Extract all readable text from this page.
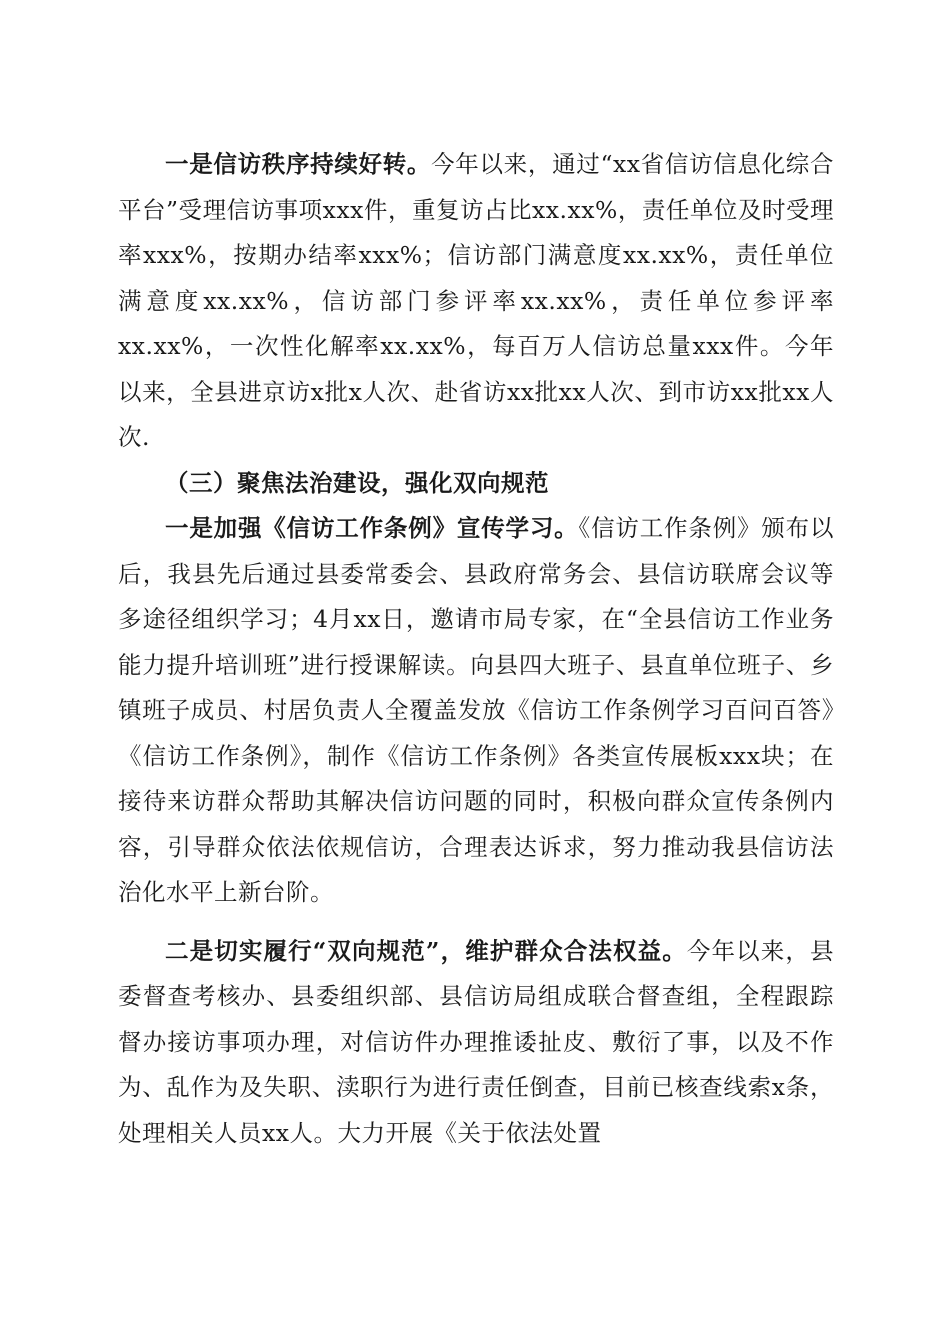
一是信访秩序持续好转。今年以来，通过“xx省信访信息化综合平台”受理信访事项xxx件，重复访占比xx.xx%，责任单位及时受理率xxx%，按期办结率xxx%；信访部门满意度xx.xx%，责任单位满意度xx.xx%，信访部门参评率xx.xx%，责任单位参评率xx.xx%，一次性化解率xx.xx%，每百万人信访总量xxx件。今年以来，全县进京访x批x人次、赴省访xx批xx人次、到市访xx批xx人次.

（三）聚焦法治建设，强化双向规范

一是加强《信访工作条例》宣传学习。《信访工作条例》颁布以后，我县先后通过县委常委会、县政府常务会、县信访联席会议等多途径组织学习；4月xx日，邀请市局专家，在“全县信访工作业务能力提升培训班”进行授课解读。向县四大班子、县直单位班子、乡镇班子成员、村居负责人全覆盖发放《信访工作条例学习百问百答》《信访工作条例》，制作《信访工作条例》各类宣传展板xxx块；在接待来访群众帮助其解决信访问题的同时，积极向群众宣传条例内容，引导群众依法依规信访，合理表达诉求，努力推动我县信访法治化水平上新台阶。

二是切实履行“双向规范”，维护群众合法权益。今年以来，县委督查考核办、县委组织部、县信访局组成联合督查组，全程跟踪督办接访事项办理，对信访件办理推诿扯皮、敷衍了事，以及不作为、乱作为及失职、渎职行为进行责任倒查，目前已核查线索x条，处理相关人员xx人。大力开展《关于依法处置
